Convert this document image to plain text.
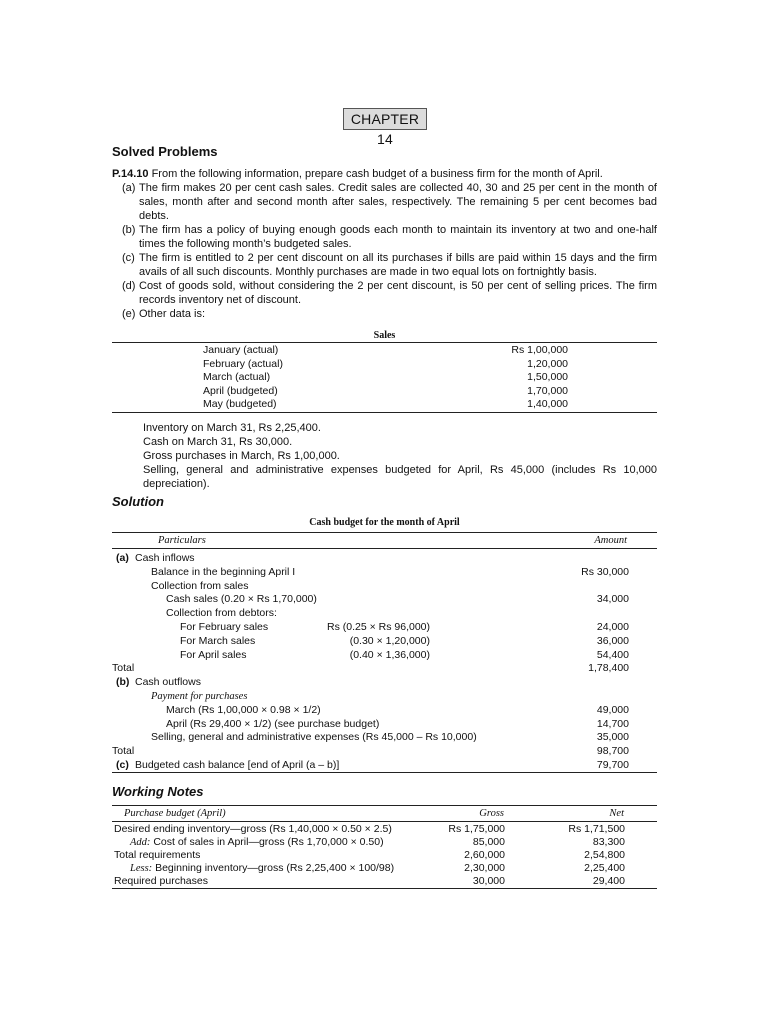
CHAPTER 14
Solved Problems
P.14.10 From the following information, prepare cash budget of a business firm for the month of April.
(a) The firm makes 20 per cent cash sales. Credit sales are collected 40, 30 and 25 per cent in the month of sales, month after and second month after sales, respectively. The remaining 5 per cent becomes bad debts.
(b) The firm has a policy of buying enough goods each month to maintain its inventory at two and one-half times the following month’s budgeted sales.
(c) The firm is entitled to 2 per cent discount on all its purchases if bills are paid within 15 days and the firm avails of all such discounts. Monthly purchases are made in two equal lots on fortnightly basis.
(d) Cost of goods sold, without considering the 2 per cent discount, is 50 per cent of selling prices. The firm records inventory net of discount.
(e) Other data is:
Sales
January (actual)	Rs 1,00,000
February (actual)	1,20,000
March (actual)	1,50,000
April (budgeted)	1,70,000
May (budgeted)	1,40,000
Inventory on March 31, Rs 2,25,400.
Cash on March 31, Rs 30,000.
Gross purchases in March, Rs 1,00,000.
Selling, general and administrative expenses budgeted for April, Rs 45,000 (includes Rs 10,000 depreciation).
Solution
Cash budget for the month of April
Particulars	Amount
(a) Cash inflows
Balance in the beginning April I	Rs 30,000
Collection from sales
Cash sales (0.20 × Rs 1,70,000)	34,000
Collection from debtors:
For February sales	Rs (0.25 × Rs 96,000)	24,000
For March sales	(0.30 × 1,20,000)	36,000
For April sales	(0.40 × 1,36,000)	54,400
Total	1,78,400
(b) Cash outflows
Payment for purchases
March (Rs 1,00,000 × 0.98 × 1/2)	49,000
April (Rs 29,400 × 1/2) (see purchase budget)	14,700
Selling, general and administrative expenses (Rs 45,000 – Rs 10,000)	35,000
Total	98,700
(c) Budgeted cash balance [end of April (a – b)]	79,700
Working Notes
Purchase budget (April)	Gross	Net
Desired ending inventory—gross (Rs 1,40,000 × 0.50 × 2.5)	Rs 1,75,000	Rs 1,71,500
Add: Cost of sales in April—gross (Rs 1,70,000 × 0.50)	85,000	83,300
Total requirements	2,60,000	2,54,800
Less: Beginning inventory—gross (Rs 2,25,400 × 100/98)	2,30,000	2,25,400
Required purchases	30,000	29,400
